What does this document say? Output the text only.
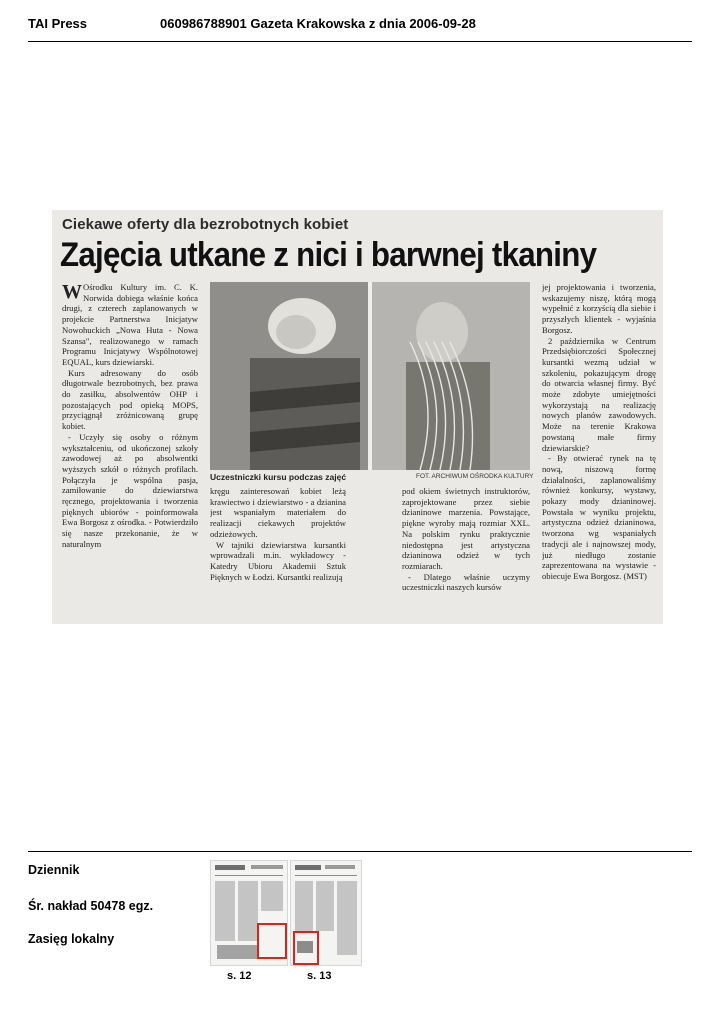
TAI Press	060986788901 Gazeta Krakowska z dnia 2006-09-28
Ciekawe oferty dla bezrobotnych kobiet
Zajęcia utkane z nici i barwnej tkaniny

W Ośrodku Kultury im. C. K. Norwida dobiega właśnie końca drugi, z czterech zaplanowanych w projekcie Partnerstwa Inicjatyw Nowohuckich „Nowa Huta - Nowa Szansa", realizowanego w ramach Programu Inicjatywy Wspólnotowej EQUAL, kurs dziewiarski.

Kurs adresowany do osób długotrwale bezrobotnych, bez prawa do zasiłku, absolwentów OHP i pozostających pod opieką MOPS, przyciągnął zróżnicowaną grupę kobiet.

- Uczyły się osoby o różnym wykształceniu, od ukończonej szkoły zawodowej aż po absolwentki wyższych szkół o różnych profilach. Połączyła je wspólna pasja, zamiłowanie do dziewiarstwa ręcznego, projektowania i tworzenia pięknych ubiorów - poinformowała Ewa Borgosz z ośrodka. - Potwierdziło się nasze przekonanie, że w naturalnym

Uczestniczki kursu podczas zajęć	FOT. ARCHIWUM OŚRODKA KULTURY

kręgu zainteresowań kobiet leżą krawiectwo i dziewiarstwo - a dzianina jest wspaniałym materiałem do realizacji ciekawych projektów odzieżowych.

W tajniki dziewiarstwa kursantki wprowadzali m.in. wykładowcy - Katedry Ubioru Akademii Sztuk Pięknych w Łodzi. Kursantki realizują

pod okiem świetnych instruktorów, zaprojektowane przez siebie dzianinowe marzenia. Powstające, piękne wyroby mają rozmiar XXL. Na polskim rynku praktycznie niedostępna jest artystyczna dzianinowa odzież w tych rozmiarach.

- Dlatego właśnie uczymy uczestniczki naszych kursów

jej projektowania i tworzenia, wskazujemy niszę, którą mogą wypełnić z korzyścią dla siebie i przyszłych klientek - wyjaśnia Borgosz.

2 października w Centrum Przedsiębiorczości Społecznej kursantki wezmą udział w szkoleniu, pokazującym drogę do otwarcia własnej firmy. Być może zdobyte umiejętności wykorzystają na realizację nowych planów zawodowych. Może na terenie Krakowa powstaną małe firmy dziewiarskie?

- By otwierać rynek na tę nową, niszową formę działalności, zaplanowaliśmy również konkursy, wystawy, pokazy mody dzianinowej. Powstała w wyniku projektu, artystyczna odzież dzianinowa, tworzona wg wspaniałych tradycji ale i najnowszej mody, już niedługo zostanie zaprezentowana na wystawie - obiecuje Ewa Borgosz. (MST)

Dziennik
Śr. nakład 50478 egz.
Zasięg lokalny
s. 12	s. 13
